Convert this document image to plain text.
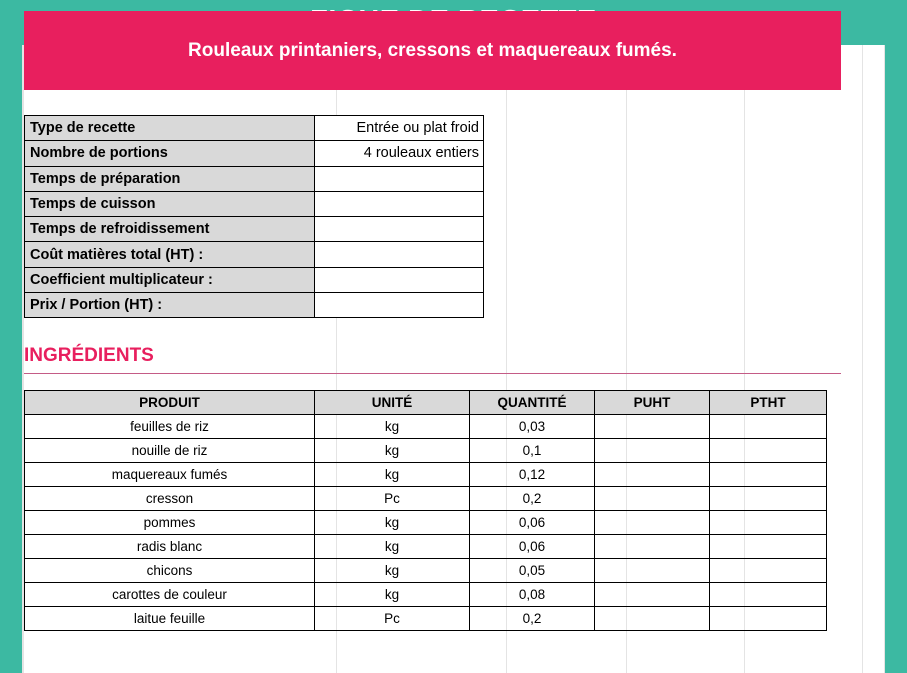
Rouleaux printaniers, cressons et maquereaux fumés.
Type de recette	Entrée ou plat froid
Nombre de portions	4 rouleaux entiers
Temps de préparation	
Temps de cuisson	
Temps de refroidissement	
Coût matières total (HT) :	
Coefficient multiplicateur :	
Prix / Portion (HT) :	
INGRÉDIENTS
PRODUIT	UNITÉ	QUANTITÉ	PUHT	PTHT
feuilles de riz	kg	0,03		
nouille de riz	kg	0,1		
maquereaux fumés	kg	0,12		
cresson	Pc	0,2		
pommes	kg	0,06		
radis blanc	kg	0,06		
chicons	kg	0,05		
carottes de couleur	kg	0,08		
laitue feuille	Pc	0,2		
